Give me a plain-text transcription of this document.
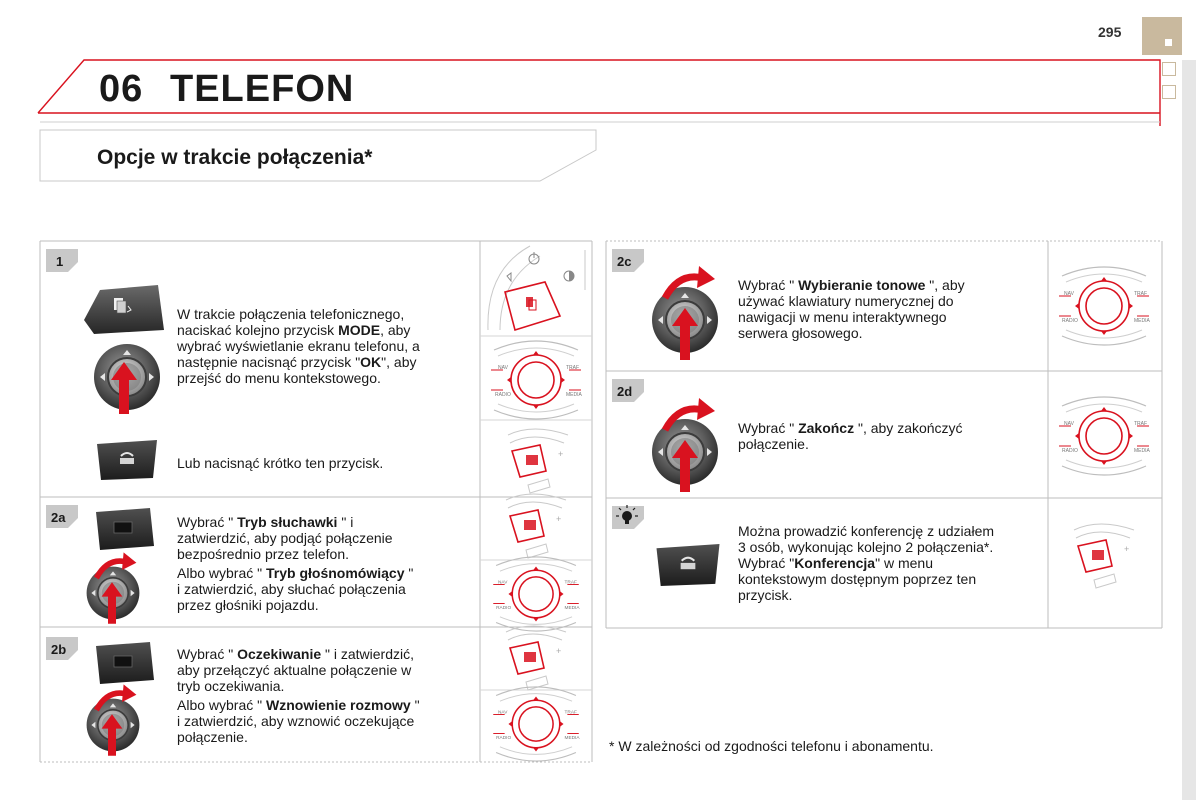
295
1
2a
2b
2c
2d
NAV	TRAF
RADIO	MEDIA
NAV	TRAF
RADIO	MEDIA
NAV	TRAF
RADIO	MEDIA
NAV	TRAF
RADIO	MEDIA
NAV	TRAF
RADIO	MEDIA
06 TELEFON
Opcje w trakcie połączenia*
W trakcie połączenia telefonicznego,
naciskać kolejno przycisk MODE, aby
wybrać wyświetlanie ekranu telefonu, a
następnie nacisnąć przycisk "OK", aby
przejść do menu kontekstowego.
Lub nacisnąć krótko ten przycisk.
Wybrać " Tryb słuchawki " i
zatwierdzić, aby podjąć połączenie
bezpośrednio przez telefon.
Albo wybrać " Tryb głośnomówiący "
i zatwierdzić, aby słuchać połączenia
przez głośniki pojazdu.
Wybrać " Oczekiwanie " i zatwierdzić,
aby przełączyć aktualne połączenie w
tryb oczekiwania.
Albo wybrać " Wznowienie rozmowy "
i zatwierdzić, aby wznowić oczekujące
połączenie.
Wybrać " Wybieranie tonowe ", aby
używać klawiatury numerycznej do
nawigacji w menu interaktywnego
serwera głosowego.
Wybrać " Zakończ ", aby zakończyć
połączenie.
Można prowadzić konferencję z udziałem
3 osób, wykonując kolejno 2 połączenia*.
Wybrać "Konferencja" w menu
kontekstowym dostępnym poprzez ten
przycisk.
* W zależności od zgodności telefonu i abonamentu.
